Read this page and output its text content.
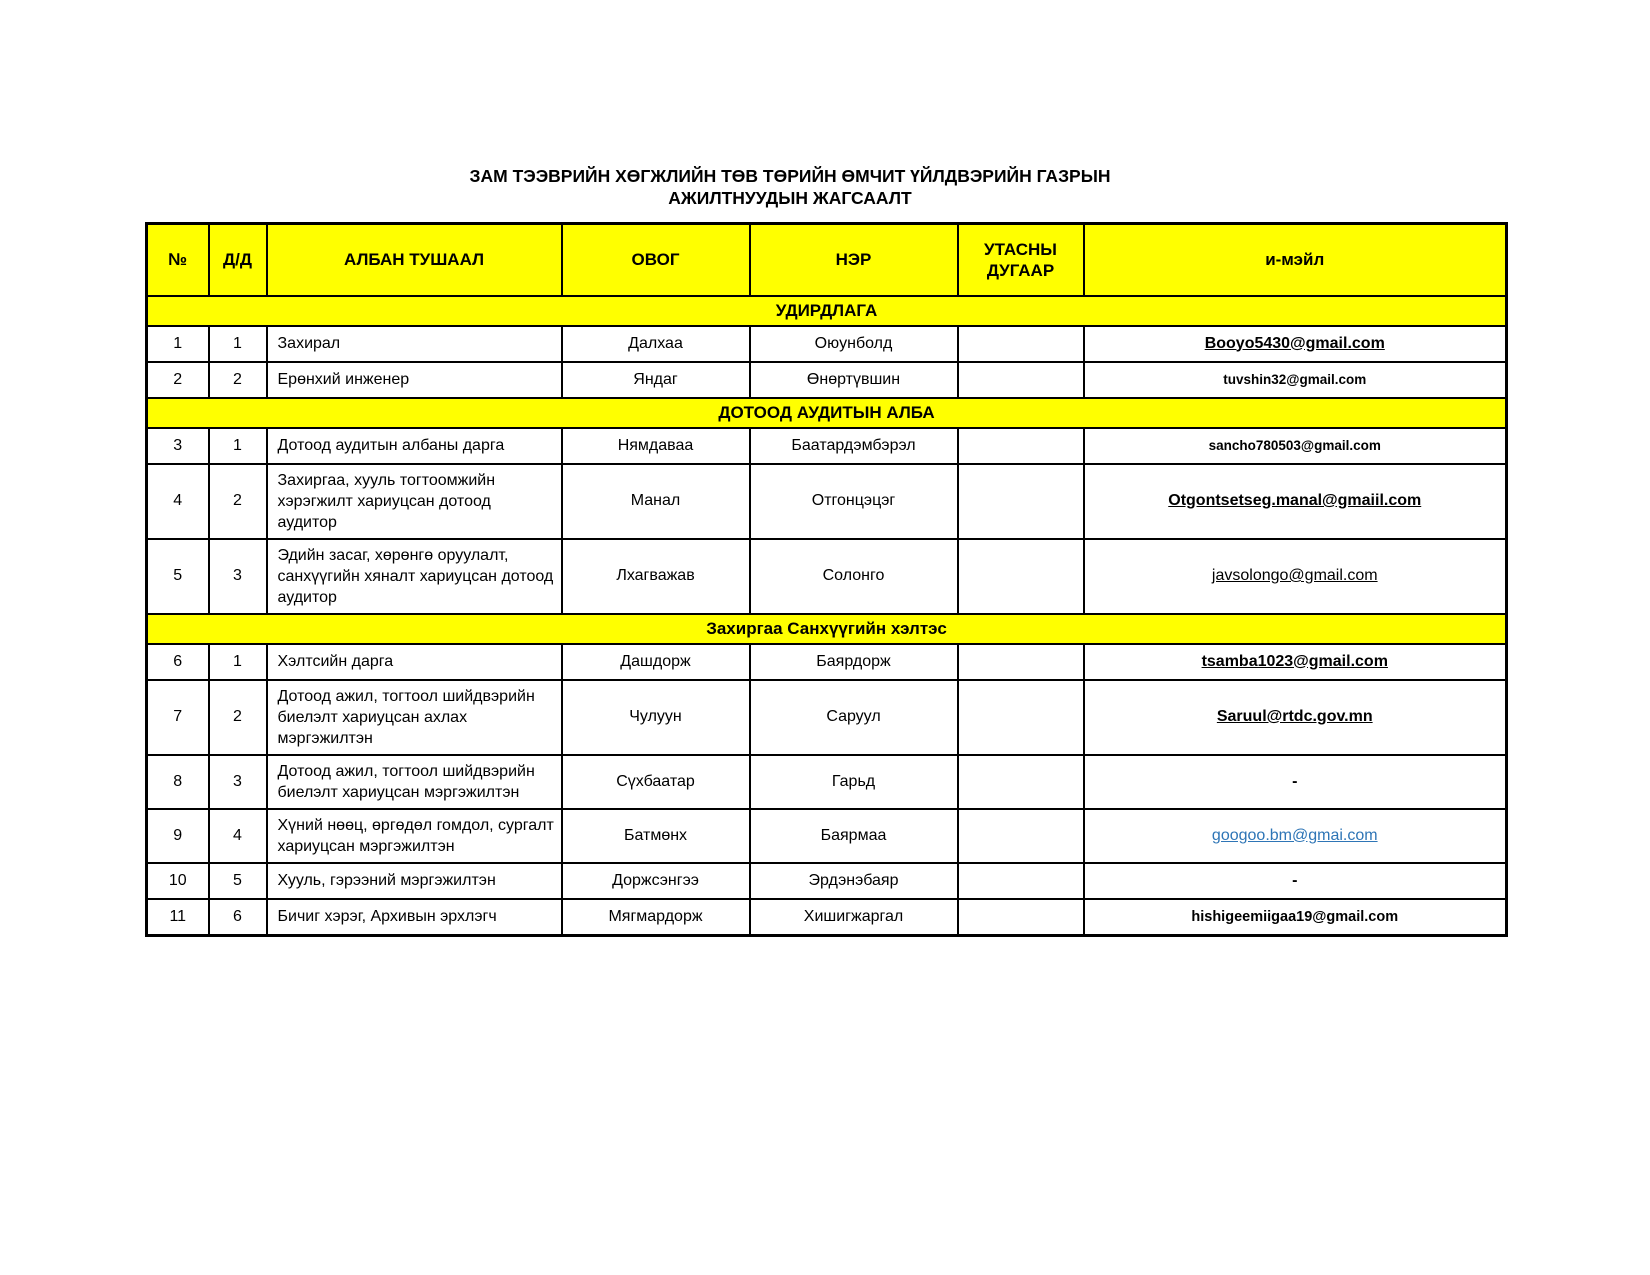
ЗАМ ТЭЭВРИЙН ХӨГЖЛИЙН ТӨВ ТӨРИЙН ӨМЧИТ ҮЙЛДВЭРИЙН ГАЗРЫН
АЖИЛТНУУДЫН ЖАГСААЛТ
№	Д/Д	АЛБАН ТУШААЛ	ОВОГ	НЭР	УТАСНЫ ДУГААР	и-мэйл
УДИРДЛАГА						
1	1	Захирал	Далхаа	Оюунболд		Booyo5430@gmail.com
2	2	Ерөнхий инженер	Яндаг	Өнөртүвшин		tuvshin32@gmail.com
ДОТООД АУДИТЫН АЛБА						
3	1	Дотоод аудитын албаны дарга	Нямдаваа	Баатардэмбэрэл		sancho780503@gmail.com
4	2	Захиргаа, хууль тогтоомжийн хэрэгжилт хариуцсан дотоод аудитор	Манал	Отгонцэцэг		Otgontsetseg.manal@gmaiil.com
5	3	Эдийн засаг, хөрөнгө оруулалт, санхүүгийн хяналт хариуцсан дотоод аудитор	Лхагважав	Солонго		javsolongo@gmail.com
Захиргаа Санхүүгийн хэлтэс						
6	1	Хэлтсийн дарга	Дашдорж	Баярдорж		tsamba1023@gmail.com
7	2	Дотоод ажил, тогтоол шийдвэрийн биелэлт хариуцсан ахлах мэргэжилтэн	Чулуун	Саруул		Saruul@rtdc.gov.mn
8	3	Дотоод ажил, тогтоол шийдвэрийн биелэлт хариуцсан мэргэжилтэн	Сүхбаатар	Гарьд		-
9	4	Хүний нөөц, өргөдөл гомдол, сургалт хариуцсан мэргэжилтэн	Батмөнх	Баярмаа		googoo.bm@gmai.com
10	5	Хууль, гэрээний мэргэжилтэн	Доржсэнгээ	Эрдэнэбаяр		-
11	6	Бичиг хэрэг, Архивын эрхлэгч	Мягмардорж	Хишигжаргал		hishigeemiigaa19@gmail.com
